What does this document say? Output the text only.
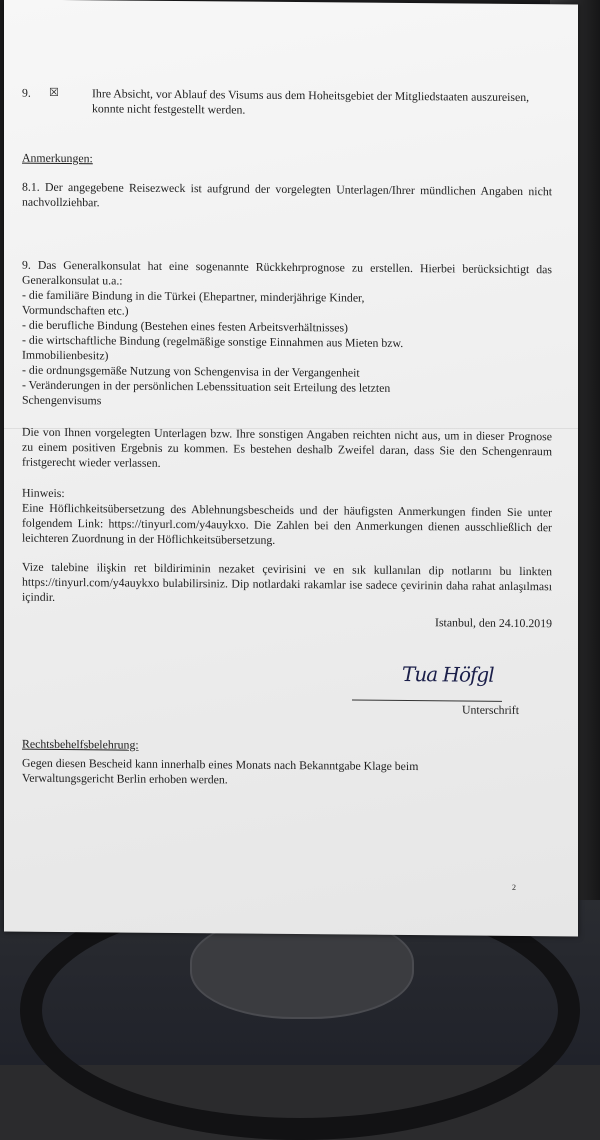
9. ☒	Ihre Absicht, vor Ablauf des Visums aus dem Hoheitsgebiet der Mitgliedstaaten auszureisen, konnte nicht festgestellt werden.
Anmerkungen:
8.1. Der angegebene Reisezweck ist aufgrund der vorgelegten Unterlagen/Ihrer mündlichen Angaben nicht nachvollziehbar.
9. Das Generalkonsulat hat eine sogenannte Rückkehrprognose zu erstellen. Hierbei berücksichtigt das Generalkonsulat u.a.:
- die familiäre Bindung in die Türkei (Ehepartner, minderjährige Kinder, Vormundschaften etc.)
- die berufliche Bindung (Bestehen eines festen Arbeitsverhältnisses)
- die wirtschaftliche Bindung (regelmäßige sonstige Einnahmen aus Mieten bzw. Immobilienbesitz)
- die ordnungsgemäße Nutzung von Schengenvisa in der Vergangenheit
- Veränderungen in der persönlichen Lebenssituation seit Erteilung des letzten Schengenvisums
Die von Ihnen vorgelegten Unterlagen bzw. Ihre sonstigen Angaben reichten nicht aus, um in dieser Prognose zu einem positiven Ergebnis zu kommen. Es bestehen deshalb Zweifel daran, dass Sie den Schengenraum fristgerecht wieder verlassen.
Hinweis:
Eine Höflichkeitsübersetzung des Ablehnungsbescheids und der häufigsten Anmerkungen finden Sie unter folgendem Link: https://tinyurl.com/y4auykxo. Die Zahlen bei den Anmerkungen dienen ausschließlich der leichteren Zuordnung in der Höflichkeitsübersetzung.
Vize talebine ilişkin ret bildiriminin nezaket çevirisini ve en sık kullanılan dip notlarını bu linkten https://tinyurl.com/y4auykxo bulabilirsiniz. Dip notlardaki rakamlar ise sadece çevirinin daha rahat anlaşılması içindir.
Istanbul, den 24.10.2019
Tua Höfgl
Unterschrift
Rechtsbehelfsbelehrung:
Gegen diesen Bescheid kann innerhalb eines Monats nach Bekanntgabe Klage beim Verwaltungsgericht Berlin erhoben werden.
2
